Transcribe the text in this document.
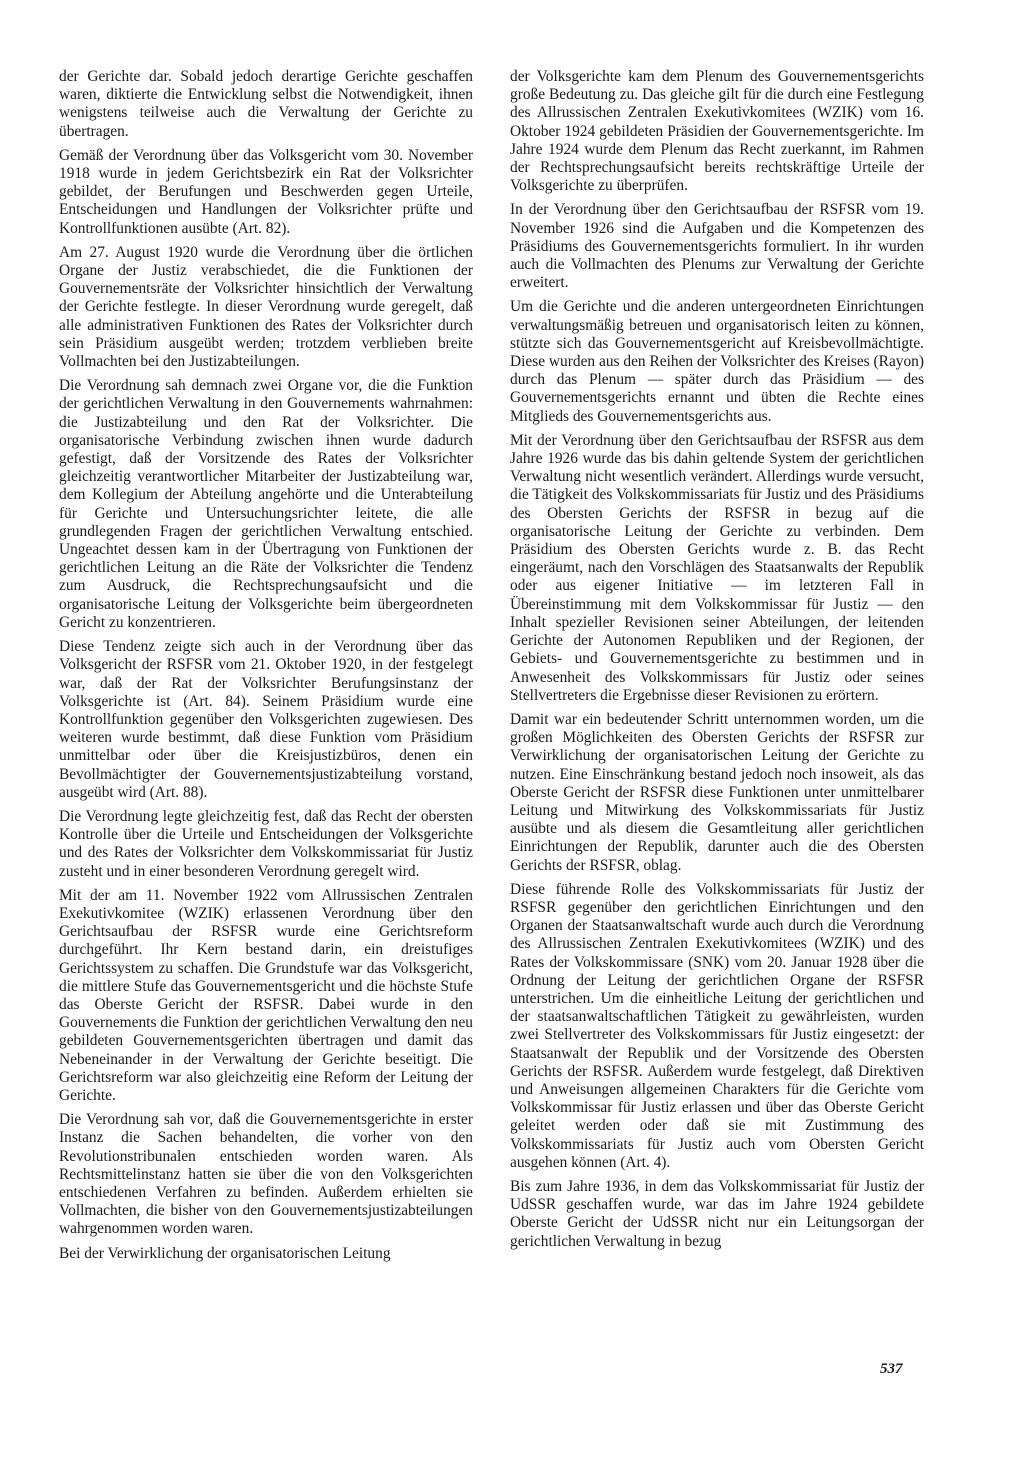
der Gerichte dar. Sobald jedoch derartige Gerichte geschaffen waren, diktierte die Entwicklung selbst die Notwendigkeit, ihnen wenigstens teilweise auch die Verwaltung der Gerichte zu übertragen.

Gemäß der Verordnung über das Volksgericht vom 30. November 1918 wurde in jedem Gerichtsbezirk ein Rat der Volksrichter gebildet, der Berufungen und Beschwerden gegen Urteile, Entscheidungen und Handlungen der Volksrichter prüfte und Kontrollfunktionen ausübte (Art. 82).

Am 27. August 1920 wurde die Verordnung über die örtlichen Organe der Justiz verabschiedet, die die Funktionen der Gouvernementsräte der Volksrichter hinsichtlich der Verwaltung der Gerichte festlegte. In dieser Verordnung wurde geregelt, daß alle administrativen Funktionen des Rates der Volksrichter durch sein Präsidium ausgeübt werden; trotzdem verblieben breite Vollmachten bei den Justizabteilungen.

Die Verordnung sah demnach zwei Organe vor, die die Funktion der gerichtlichen Verwaltung in den Gouvernements wahrnahmen: die Justizabteilung und den Rat der Volksrichter. Die organisatorische Verbindung zwischen ihnen wurde dadurch gefestigt, daß der Vorsitzende des Rates der Volksrichter gleichzeitig verantwortlicher Mitarbeiter der Justizabteilung war, dem Kollegium der Abteilung angehörte und die Unterabteilung für Gerichte und Untersuchungsrichter leitete, die alle grundlegenden Fragen der gerichtlichen Verwaltung entschied. Ungeachtet dessen kam in der Übertragung von Funktionen der gerichtlichen Leitung an die Räte der Volksrichter die Tendenz zum Ausdruck, die Rechtsprechungsaufsicht und die organisatorische Leitung der Volksgerichte beim übergeordneten Gericht zu konzentrieren.

Diese Tendenz zeigte sich auch in der Verordnung über das Volksgericht der RSFSR vom 21. Oktober 1920, in der festgelegt war, daß der Rat der Volksrichter Berufungsinstanz der Volksgerichte ist (Art. 84). Seinem Präsidium wurde eine Kontrollfunktion gegenüber den Volksgerichten zugewiesen. Des weiteren wurde bestimmt, daß diese Funktion vom Präsidium unmittelbar oder über die Kreisjustizbüros, denen ein Bevollmächtigter der Gouvernementsjustizabteilung vorstand, ausgeübt wird (Art. 88).

Die Verordnung legte gleichzeitig fest, daß das Recht der obersten Kontrolle über die Urteile und Entscheidungen der Volksgerichte und des Rates der Volksrichter dem Volkskommissariat für Justiz zusteht und in einer besonderen Verordnung geregelt wird.

Mit der am 11. November 1922 vom Allrussischen Zentralen Exekutivkomitee (WZIK) erlassenen Verordnung über den Gerichtsaufbau der RSFSR wurde eine Gerichtsreform durchgeführt. Ihr Kern bestand darin, ein dreistufiges Gerichtssystem zu schaffen. Die Grundstufe war das Volksgericht, die mittlere Stufe das Gouvernementsgericht und die höchste Stufe das Oberste Gericht der RSFSR. Dabei wurde in den Gouvernements die Funktion der gerichtlichen Verwaltung den neu gebildeten Gouvernementsgerichten übertragen und damit das Nebeneinander in der Verwaltung der Gerichte beseitigt. Die Gerichtsreform war also gleichzeitig eine Reform der Leitung der Gerichte.

Die Verordnung sah vor, daß die Gouvernementsgerichte in erster Instanz die Sachen behandelten, die vorher von den Revolutionstribunalen entschieden worden waren. Als Rechtsmittelinstanz hatten sie über die von den Volksgerichten entschiedenen Verfahren zu befinden. Außerdem erhielten sie Vollmachten, die bisher von den Gouvernementsjustizabteilungen wahrgenommen worden waren.

Bei der Verwirklichung der organisatorischen Leitung

der Volksgerichte kam dem Plenum des Gouvernementsgerichts große Bedeutung zu. Das gleiche gilt für die durch eine Festlegung des Allrussischen Zentralen Exekutivkomitees (WZIK) vom 16. Oktober 1924 gebildeten Präsidien der Gouvernementsgerichte. Im Jahre 1924 wurde dem Plenum das Recht zuerkannt, im Rahmen der Rechtsprechungsaufsicht bereits rechtskräftige Urteile der Volksgerichte zu überprüfen.

In der Verordnung über den Gerichtsaufbau der RSFSR vom 19. November 1926 sind die Aufgaben und die Kompetenzen des Präsidiums des Gouvernementsgerichts formuliert. In ihr wurden auch die Vollmachten des Plenums zur Verwaltung der Gerichte erweitert.

Um die Gerichte und die anderen untergeordneten Einrichtungen verwaltungsmäßig betreuen und organisatorisch leiten zu können, stützte sich das Gouvernementsgericht auf Kreisbevollmächtigte. Diese wurden aus den Reihen der Volksrichter des Kreises (Rayon) durch das Plenum — später durch das Präsidium — des Gouvernementsgerichts ernannt und übten die Rechte eines Mitglieds des Gouvernementsgerichts aus.

Mit der Verordnung über den Gerichtsaufbau der RSFSR aus dem Jahre 1926 wurde das bis dahin geltende System der gerichtlichen Verwaltung nicht wesentlich verändert. Allerdings wurde versucht, die Tätigkeit des Volkskommissariats für Justiz und des Präsidiums des Obersten Gerichts der RSFSR in bezug auf die organisatorische Leitung der Gerichte zu verbinden. Dem Präsidium des Obersten Gerichts wurde z. B. das Recht eingeräumt, nach den Vorschlägen des Staatsanwalts der Republik oder aus eigener Initiative — im letzteren Fall in Übereinstimmung mit dem Volkskommissar für Justiz — den Inhalt spezieller Revisionen seiner Abteilungen, der leitenden Gerichte der Autonomen Republiken und der Regionen, der Gebiets- und Gouvernementsgerichte zu bestimmen und in Anwesenheit des Volkskommissars für Justiz oder seines Stellvertreters die Ergebnisse dieser Revisionen zu erörtern.

Damit war ein bedeutender Schritt unternommen worden, um die großen Möglichkeiten des Obersten Gerichts der RSFSR zur Verwirklichung der organisatorischen Leitung der Gerichte zu nutzen. Eine Einschränkung bestand jedoch noch insoweit, als das Oberste Gericht der RSFSR diese Funktionen unter unmittelbarer Leitung und Mitwirkung des Volkskommissariats für Justiz ausübte und als diesem die Gesamtleitung aller gerichtlichen Einrichtungen der Republik, darunter auch die des Obersten Gerichts der RSFSR, oblag.

Diese führende Rolle des Volkskommissariats für Justiz der RSFSR gegenüber den gerichtlichen Einrichtungen und den Organen der Staatsanwaltschaft wurde auch durch die Verordnung des Allrussischen Zentralen Exekutivkomitees (WZIK) und des Rates der Volkskommissare (SNK) vom 20. Januar 1928 über die Ordnung der Leitung der gerichtlichen Organe der RSFSR unterstrichen. Um die einheitliche Leitung der gerichtlichen und der staatsanwaltschaftlichen Tätigkeit zu gewährleisten, wurden zwei Stellvertreter des Volkskommissars für Justiz eingesetzt: der Staatsanwalt der Republik und der Vorsitzende des Obersten Gerichts der RSFSR. Außerdem wurde festgelegt, daß Direktiven und Anweisungen allgemeinen Charakters für die Gerichte vom Volkskommissar für Justiz erlassen und über das Oberste Gericht geleitet werden oder daß sie mit Zustimmung des Volkskommissariats für Justiz auch vom Obersten Gericht ausgehen können (Art. 4).

Bis zum Jahre 1936, in dem das Volkskommissariat für Justiz der UdSSR geschaffen wurde, war das im Jahre 1924 gebildete Oberste Gericht der UdSSR nicht nur ein Leitungsorgan der gerichtlichen Verwaltung in bezug

537
